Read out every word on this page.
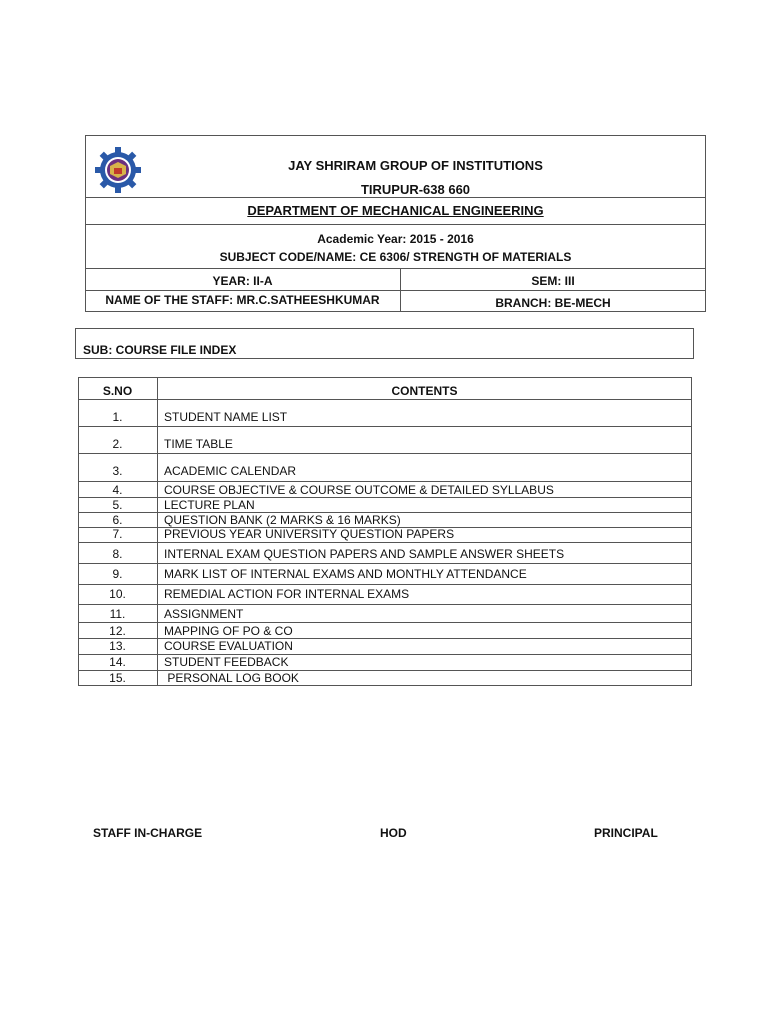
JAY SHRIRAM GROUP OF INSTITUTIONS
TIRUPUR-638 660
DEPARTMENT OF MECHANICAL ENGINEERING
Academic Year: 2015 - 2016
SUBJECT CODE/NAME: CE 6306/ STRENGTH OF MATERIALS
YEAR: II-A	SEM: III
NAME OF THE STAFF: MR.C.SATHEESHKUMAR	BRANCH: BE-MECH
SUB: COURSE FILE INDEX
S.NO	CONTENTS
1.	STUDENT NAME LIST
2.	TIME TABLE
3.	ACADEMIC CALENDAR
4.	COURSE OBJECTIVE & COURSE OUTCOME & DETAILED SYLLABUS
5.	LECTURE PLAN
6.	QUESTION BANK (2 MARKS & 16 MARKS)
7.	PREVIOUS YEAR UNIVERSITY QUESTION PAPERS
8.	INTERNAL EXAM QUESTION PAPERS AND SAMPLE ANSWER SHEETS
9.	MARK LIST OF INTERNAL EXAMS AND MONTHLY ATTENDANCE
10.	REMEDIAL ACTION FOR INTERNAL EXAMS
11.	ASSIGNMENT
12.	MAPPING OF PO & CO
13.	COURSE EVALUATION
14.	STUDENT FEEDBACK
15.	PERSONAL LOG BOOK
STAFF IN-CHARGE	HOD	PRINCIPAL
